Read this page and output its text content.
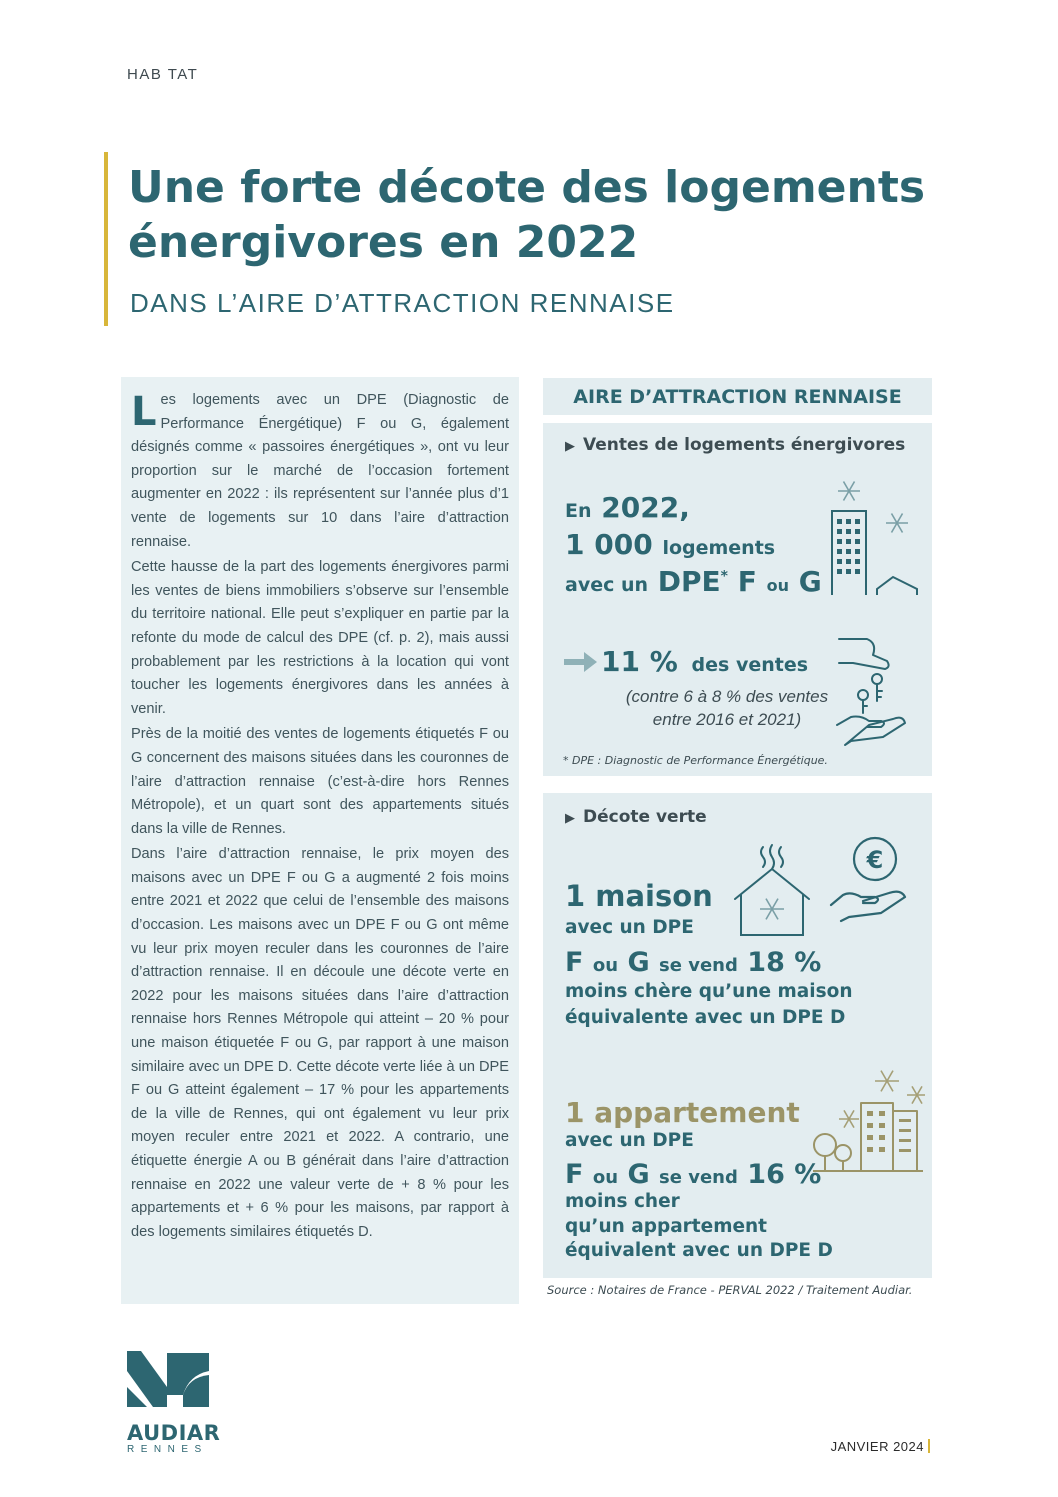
HAB TAT
Une forte décote des logements
énergivores en 2022
DANS L’AIRE D’ATTRACTION RENNAISE

Les logements avec un DPE (Diagnostic de Performance Énergétique) F ou G, également désignés comme « passoires énergétiques », ont vu leur proportion sur le marché de l’occasion fortement augmenter en 2022 : ils représentent sur l’année plus d’1 vente de logements sur 10 dans l’aire d’attraction rennaise.

Cette hausse de la part des logements énergivores parmi les ventes de biens immobiliers s’observe sur l’ensemble du territoire national. Elle peut s’expliquer en partie par la refonte du mode de calcul des DPE (cf. p. 2), mais aussi probablement par les restrictions à la location qui vont toucher les logements énergivores dans les années à venir.

Près de la moitié des ventes de logements étiquetés F ou G concernent des maisons situées dans les couronnes de l’aire d’attraction rennaise (c’est-à-dire hors Rennes Métropole), et un quart sont des appartements situés dans la ville de Rennes.

Dans l’aire d’attraction rennaise, le prix moyen des maisons avec un DPE F ou G a augmenté 2 fois moins entre 2021 et 2022 que celui de l’ensemble des maisons d’occasion. Les maisons avec un DPE F ou G ont même vu leur prix moyen reculer dans les couronnes de l’aire d’attraction rennaise. Il en découle une décote verte en 2022 pour les maisons situées dans l’aire d’attraction rennaise hors Rennes Métropole qui atteint – 20 % pour une maison étiquetée F ou G, par rapport à une maison similaire avec un DPE D. Cette décote verte liée à un DPE F ou G atteint également – 17 % pour les appartements de la ville de Rennes, qui ont également vu leur prix moyen reculer entre 2021 et 2022. A contrario, une étiquette énergie A ou B générait dans l’aire d’attraction rennaise en 2022 une valeur verte de + 8 % pour les appartements et + 6 % pour les maisons, par rapport à des logements similaires étiquetés D.

AIRE D’ATTRACTION RENNAISE
▶ Ventes de logements énergivores
En 2022,
1 000 logements
avec un DPE* F ou G
11 % des ventes
(contre 6 à 8 % des ventes
entre 2016 et 2021)
* DPE : Diagnostic de Performance Énergétique.
▶ Décote verte
€
1 maison
avec un DPE
F ou G se vend 18 %
moins chère qu’une maison
équivalente avec un DPE D
1 appartement
avec un DPE
F ou G se vend 16 %
moins cher
qu’un appartement
équivalent avec un DPE D
Source : Notaires de France - PERVAL 2022 / Traitement Audiar.
AUDIAR
RENNES	JANVIER 2024
